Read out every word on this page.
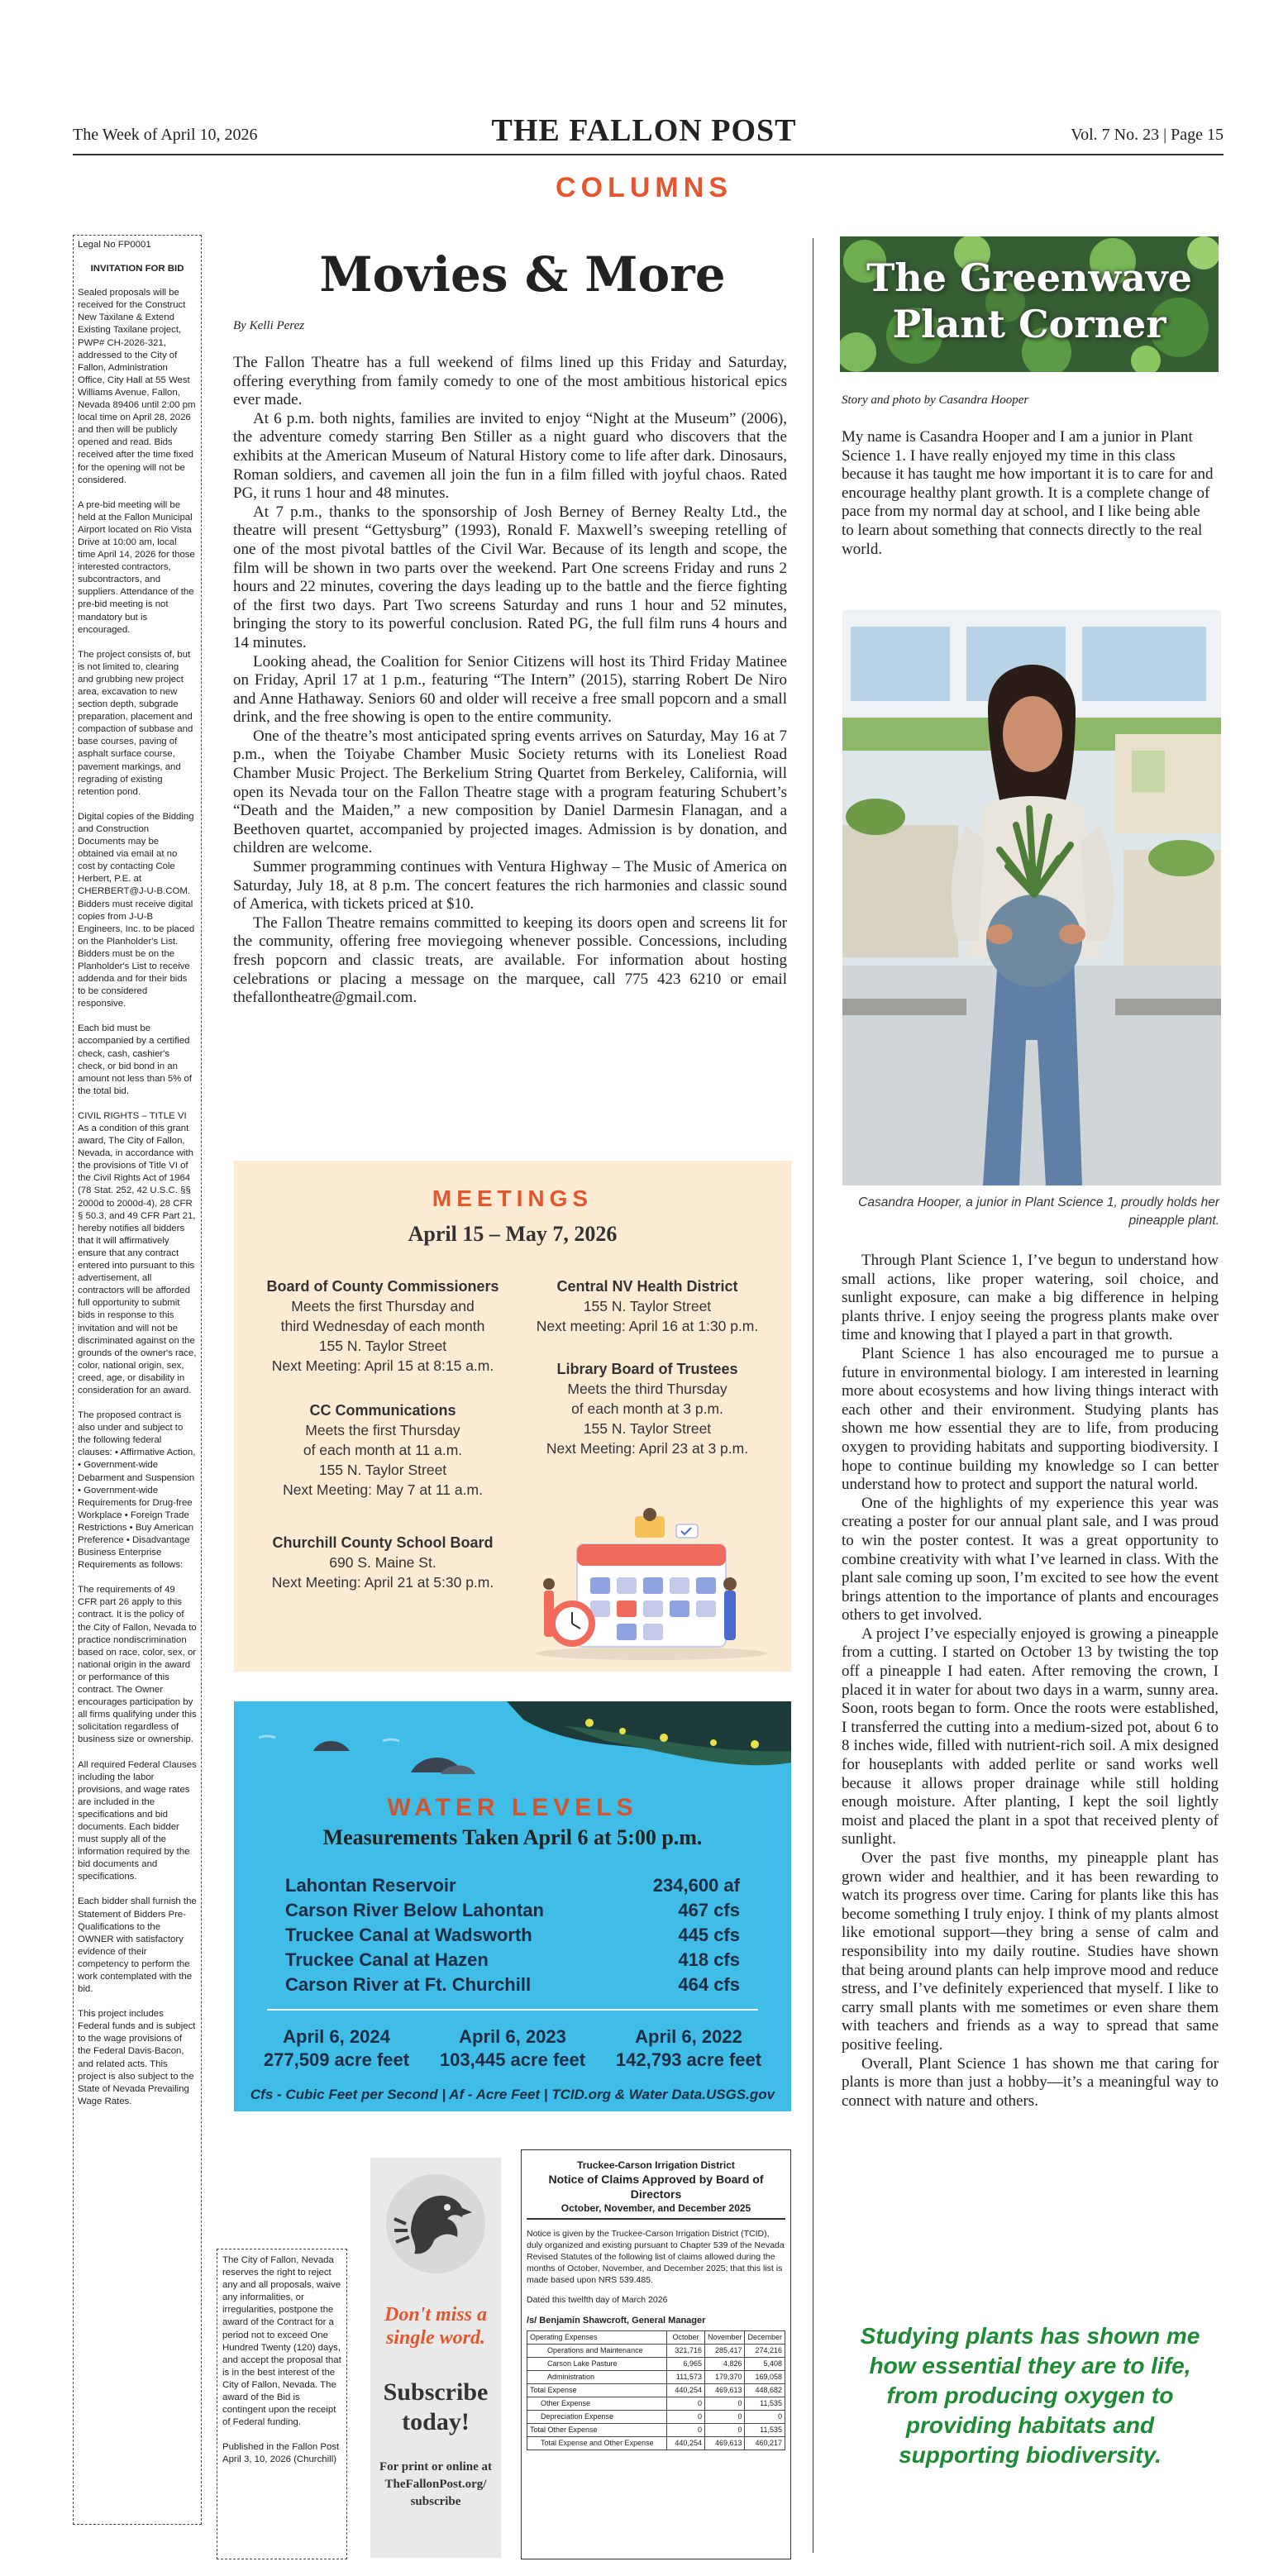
The Week of April 10, 2026	THE FALLON POST	Vol. 7 No. 23 | Page 15
COLUMNS
Legal No FP0001
INVITATION FOR BID

Sealed proposals will be received for the Construct New Taxilane & Extend Existing Taxilane project, PWP# CH-2026-321, addressed to the City of Fallon, Administration Office, City Hall at 55 West Williams Avenue, Fallon, Nevada 89406 until 2:00 pm local time on April 28, 2026 and then will be publicly opened and read. Bids received after the time fixed for the opening will not be considered.

A pre-bid meeting will be held at the Fallon Municipal Airport located on Rio Vista Drive at 10:00 am, local time April 14, 2026 for those interested contractors, subcontractors, and suppliers. Attendance of the pre-bid meeting is not mandatory but is encouraged.

The project consists of, but is not limited to, clearing and grubbing new project area, excavation to new section depth, subgrade preparation, placement and compaction of subbase and base courses, paving of asphalt surface course, pavement markings, and regrading of existing retention pond.

Digital copies of the Bidding and Construction Documents may be obtained via email at no cost by contacting Cole Herbert, P.E. at CHERBERT@J-U-B.COM. Bidders must receive digital copies from J-U-B Engineers, Inc. to be placed on the Planholder's List. Bidders must be on the Planholder's List to receive addenda and for their bids to be considered responsive.

Each bid must be accompanied by a certified check, cash, cashier's check, or bid bond in an amount not less than 5% of the total bid.

CIVIL RIGHTS – TITLE VI As a condition of this grant award, The City of Fallon, Nevada, in accordance with the provisions of Title VI of the Civil Rights Act of 1964 (78 Stat. 252, 42 U.S.C. §§ 2000d to 2000d-4), 28 CFR § 50.3, and 49 CFR Part 21, hereby notifies all bidders that it will affirmatively ensure that any contract entered into pursuant to this advertisement, all contractors will be afforded full opportunity to submit bids in response to this invitation and will not be discriminated against on the grounds of the owner's race, color, national origin, sex, creed, age, or disability in consideration for an award.

The proposed contract is also under and subject to the following federal clauses: • Affirmative Action, • Government-wide Debarment and Suspension • Government-wide Requirements for Drug-free Workplace • Foreign Trade Restrictions • Buy American Preference • Disadvantage Business Enterprise Requirements as follows:

The requirements of 49 CFR part 26 apply to this contract. It is the policy of the City of Fallon, Nevada to practice nondiscrimination based on race, color, sex, or national origin in the award or performance of this contract. The Owner encourages participation by all firms qualifying under this solicitation regardless of business size or ownership.

All required Federal Clauses including the labor provisions, and wage rates are included in the specifications and bid documents. Each bidder must supply all of the information required by the bid documents and specifications.

Each bidder shall furnish the Statement of Bidders Pre-Qualifications to the OWNER with satisfactory evidence of their competency to perform the work contemplated with the bid.

This project includes Federal funds and is subject to the wage provisions of the Federal Davis-Bacon, and related acts. This project is also subject to the State of Nevada Prevailing Wage Rates.

Movies & More
By Kelli Perez

The Fallon Theatre has a full weekend of films lined up this Friday and Saturday, offering everything from family comedy to one of the most ambitious historical epics ever made.

At 6 p.m. both nights, families are invited to enjoy “Night at the Museum” (2006), the adventure comedy starring Ben Stiller as a night guard who discovers that the exhibits at the American Museum of Natural History come to life after dark. Dinosaurs, Roman soldiers, and cavemen all join the fun in a film filled with joyful chaos. Rated PG, it runs 1 hour and 48 minutes.

At 7 p.m., thanks to the sponsorship of Josh Berney of Berney Realty Ltd., the theatre will present “Gettysburg” (1993), Ronald F. Maxwell’s sweeping retelling of one of the most pivotal battles of the Civil War. Because of its length and scope, the film will be shown in two parts over the weekend. Part One screens Friday and runs 2 hours and 22 minutes, covering the days leading up to the battle and the fierce fighting of the first two days. Part Two screens Saturday and runs 1 hour and 52 minutes, bringing the story to its powerful conclusion. Rated PG, the full film runs 4 hours and 14 minutes.

Looking ahead, the Coalition for Senior Citizens will host its Third Friday Matinee on Friday, April 17 at 1 p.m., featuring “The Intern” (2015), starring Robert De Niro and Anne Hathaway. Seniors 60 and older will receive a free small popcorn and a small drink, and the free showing is open to the entire community.

One of the theatre’s most anticipated spring events arrives on Saturday, May 16 at 7 p.m., when the Toiyabe Chamber Music Society returns with its Loneliest Road Chamber Music Project. The Berkelium String Quartet from Berkeley, California, will open its Nevada tour on the Fallon Theatre stage with a program featuring Schubert’s “Death and the Maiden,” a new composition by Daniel Darmesin Flanagan, and a Beethoven quartet, accompanied by projected images. Admission is by donation, and children are welcome.

Summer programming continues with Ventura Highway – The Music of America on Saturday, July 18, at 8 p.m. The concert features the rich harmonies and classic sound of America, with tickets priced at $10.

The Fallon Theatre remains committed to keeping its doors open and screens lit for the community, offering free moviegoing whenever possible. Concessions, including fresh popcorn and classic treats, are available. For information about hosting celebrations or placing a message on the marquee, call 775 423 6210 or email thefallontheatre@gmail.com.

MEETINGS
April 15 – May 7, 2026
Board of County Commissioners
Meets the first Thursday and
third Wednesday of each month
155 N. Taylor Street
Next Meeting: April 15 at 8:15 a.m.
CC Communications
Meets the first Thursday
of each month at 11 a.m.
155 N. Taylor Street
Next Meeting: May 7 at 11 a.m.
Churchill County School Board
690 S. Maine St.
Next Meeting: April 21 at 5:30 p.m.
Central NV Health District
155 N. Taylor Street
Next meeting: April 16 at 1:30 p.m.
Library Board of Trustees
Meets the third Thursday
of each month at 3 p.m.
155 N. Taylor Street
Next Meeting: April 23 at 3 p.m.
WATER LEVELS
Measurements Taken April 6 at 5:00 p.m.
Lahontan Reservoir	234,600 af
Carson River Below Lahontan	467 cfs
Truckee Canal at Wadsworth	445 cfs
Truckee Canal at Hazen	418 cfs
Carson River at Ft. Churchill	464 cfs
April 6, 2024
277,509 acre feet
April 6, 2023
103,445 acre feet
April 6, 2022
142,793 acre feet
Cfs - Cubic Feet per Second | Af - Acre Feet | TCID.org & Water Data.USGS.gov

The City of Fallon, Nevada reserves the right to reject any and all proposals, waive any informalities, or irregularities, postpone the award of the Contract for a period not to exceed One Hundred Twenty (120) days, and accept the proposal that is in the best interest of the City of Fallon, Nevada. The award of the Bid is contingent upon the receipt of Federal funding.

Published in the Fallon Post April 3, 10, 2026 (Churchill)

Don't miss a single word.
Subscribe today!
For print or online at TheFallonPost.org/ subscribe
Truckee-Carson Irrigation District
Notice of Claims Approved by Board of Directors
October, November, and December 2025
Notice is given by the Truckee-Carson Irrigation District (TCID), duly organized and existing pursuant to Chapter 539 of the Nevada Revised Statutes of the following list of claims allowed during the months of October, November, and December 2025; that this list is made based upon NRS 539.485.
Dated this twelfth day of March 2026
/s/ Benjamin Shawcroft, General Manager
Operating Expenses	October	November	December
Operations and Maintenance	321,716	285,417	274,216
Carson Lake Pasture	6,965	4,826	5,408
Administration	111,573	179,370	169,058
Total Expense	440,254	469,613	448,682
Other Expense	0	0	11,535
Depreciation Expense	0	0	0
Total Other Expense	0	0	11,535
Total Expense and Other Expense	440,254	469,613	460,217
The Greenwave Plant Corner
Story and photo by Casandra Hooper
My name is Casandra Hooper and I am a junior in Plant Science 1. I have really enjoyed my time in this class because it has taught me how important it is to care for and encourage healthy plant growth. It is a complete change of pace from my normal day at school, and I like being able to learn about something that connects directly to the real world.
Casandra Hooper, a junior in Plant Science 1, proudly holds her pineapple plant.

Through Plant Science 1, I’ve begun to understand how small actions, like proper watering, soil choice, and sunlight exposure, can make a big difference in helping plants thrive. I enjoy seeing the progress plants make over time and knowing that I played a part in that growth.

Plant Science 1 has also encouraged me to pursue a future in environmental biology. I am interested in learning more about ecosystems and how living things interact with each other and their environment. Studying plants has shown me how essential they are to life, from producing oxygen to providing habitats and supporting biodiversity. I hope to continue building my knowledge so I can better understand how to protect and support the natural world.

One of the highlights of my experience this year was creating a poster for our annual plant sale, and I was proud to win the poster contest. It was a great opportunity to combine creativity with what I’ve learned in class. With the plant sale coming up soon, I’m excited to see how the event brings attention to the importance of plants and encourages others to get involved.

A project I’ve especially enjoyed is growing a pineapple from a cutting. I started on October 13 by twisting the top off a pineapple I had eaten. After removing the crown, I placed it in water for about two days in a warm, sunny area. Soon, roots began to form. Once the roots were established, I transferred the cutting into a medium-sized pot, about 6 to 8 inches wide, filled with nutrient-rich soil. A mix designed for houseplants with added perlite or sand works well because it allows proper drainage while still holding enough moisture. After planting, I kept the soil lightly moist and placed the plant in a spot that received plenty of sunlight.

Over the past five months, my pineapple plant has grown wider and healthier, and it has been rewarding to watch its progress over time. Caring for plants like this has become something I truly enjoy. I think of my plants almost like emotional support—they bring a sense of calm and responsibility into my daily routine. Studies have shown that being around plants can help improve mood and reduce stress, and I’ve definitely experienced that myself. I like to carry small plants with me sometimes or even share them with teachers and friends as a way to spread that same positive feeling.

Overall, Plant Science 1 has shown me that caring for plants is more than just a hobby—it’s a meaningful way to connect with nature and others.

Studying plants has shown me how essential they are to life, from producing oxygen to providing habitats and supporting biodiversity.
